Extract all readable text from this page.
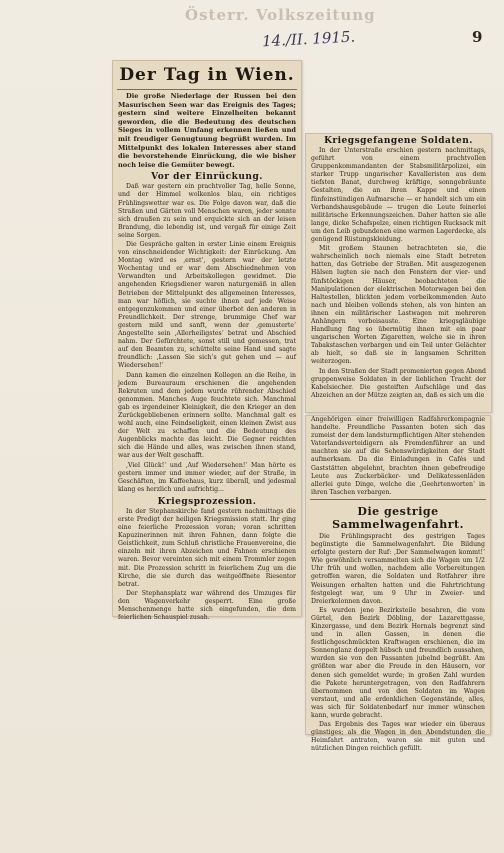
Österr. Volkszeitung
14./II. 1915.	9
Der Tag in Wien.

Die große Niederlage der Russen bei den Masurischen Seen war das Ereignis des Tages; gestern sind weitere Einzelheiten bekannt geworden, die die Bedeutung des deutschen Sieges in vollem Umfang erkennen ließen und mit freudiger Genugtuung begrüßt wurden. Im Mittelpunkt des lokalen Interesses aber stand die bevorstehende Einrückung, die wie bisher noch leise die Gemüter bewegt.

Vor der Einrückung.

Daß war gestern ein prachtvoller Tag, helle Sonne, und der Himmel wolkenlos blau, ein richtiges Frühlingswetter war es. Die Folge davon war, daß die Straßen und Gärten voll Menschen waren, jeder sonnte sich draußen zu sein und erquickte sich an der leisen Brandung, die lebendig ist, und vergaß für einige Zeit seine Sorgen.

Die Gespräche galten in erster Linie einem Ereignis von einschneidender Wichtigkeit: der Einrückung. Am Montag wird es ‚ernst‘, gestern war der letzte Wochentag und er war dem Abschiednehmen von Verwandten und Arbeitskollegen gewidmet. Die angehenden Kriegsdiener waren naturgemäß in allen Betrieben der Mittelpunkt des allgemeinen Interesses, man war höflich, sie suchte ihnen auf jede Weise entgegenzukommen und einer überbot den anderen in Freundlichkeit. Der strenge, brummige Chef war gestern mild und sanft, wenn der ‚gemusterte‘ Angestellte sein ‚Allerheiligstes‘ betrat und Abschied nahm. Der Gefürchtete, sonst still und gemessen, trat auf den Beamten zu, schüttelte seine Hand und sagte freundlich: ‚Lassen Sie sich‘s gut gehen und — auf Wiedersehen!‘

Dann kamen die einzelnen Kollegen an die Reihe, in jedem Bureauraum erschienen die angehenden Rekruten und dem jedem wurde rührender Abschied genommen. Manches Auge feuchtete sich. Manchmal gab es irgendeiner Kleinigkeit, die den Krieger an den Zurückgebliebenen erinnern sollte. Manchmal galt es wohl auch, eine Feindseligkeit, einen kleinen Zwist aus der Welt zu schaffen und die Bedeutung des Augenblicks machte das leicht. Die Gegner reichten sich die Hände und alles, was zwischen ihnen stand, war aus der Welt geschafft.

‚Viel Glück!‘ und ‚Auf Wiedersehen!‘ Man hörte es gestern immer und immer wieder, auf der Straße, in Geschäften, im Kaffeehaus, kurz überall, und jedesmal klang es herzlich und aufrichtig...

Kriegsprozession.

In der Stephanskirche fand gestern nachmittags die erste Predigt der heiligen Kriegsmission statt. Ihr ging eine feierliche Prozession voran; voran schritten Kapuzinerinnen mit ihren Fahnen, dann folgte die Geistlichkeit, zum Schluß christliche Frauenvereine, die einzeln mit ihren Abzeichen und Fahnen erschienen waren. Bevor vereinten sich mit einem Trommler zogen mit. Die Prozession schritt in feierlichem Zug um die Kirche, die sie durch das weitgeöffnete Riesentor betrat.

Der Stephansplatz war während des Umzuges für den Wagenverkehr gesperrt. Eine große Menschenmenge hatte sich eingefunden, die dem feierlichen Schauspiel zusah.

Kriegsgefangene Soldaten.

In der Unterstraße erschien gestern nachmittags, geführt von einem prachtvollen Gruppenkommandanten der Stabsmilitärpolizei, ein starker Trupp ungarischer Kavalleristen aus dem tiefsten Banat, durchweg kräftige, sonngebräunte Gestalten, die an ihren Kappe und einen fünfeinstündigen Aufmarsche — er handelt sich um ein Verbandshausgebäude — trugen die Leute feinerlei militärische Erkennungszeichen. Daher hatten sie alle lange, dicke Schafspelze, einen richtigen Rucksack mit um den Leib gebundenen eine warmen Lagerdecke, als genügend Rüstungskleidung.

Mit großem Staunen betrachteten sie, die wahrscheinlich noch niemals eine Stadt betreten hatten, das Getriebe der Straßen. Mit ausgezogenen Hälsen lugten sie nach den Fenstern der vier- und fünfstöckigen Häuser, beobachteten die Manipulationen der elektrischen Motorwagen bei den Haltestellen, blickten jedem vorbeikommenden Auto nach und bleiben vollends stehen, als von hinten an ihnen ein militärischer Lastwagen mit mehreren Anhängern vorbeisauste. Eine kriegsgläubige Handlung fing so übermütig ihnen mit ein paar ungarischen Worten Zigaretten, welche sie in ihren Tabakstaschen verbargen und ein Teil unter Gelächter ab hielt, so daß sie in langsamen Schritten weiterzogen.

In den Straßen der Stadt promenierten gegen Abend gruppenweise Soldaten in der lieblichen Tracht der Kabelsiecher. Die gesteiften Aufschläge und das Abzeichen an der Mütze zeigten an, daß es sich um die

Angehörigen einer freiwilligen Radfahrerkompagnie handelte. Freundliche Passanten boten sich das zumeist der dem landsturmpflichtigen Alter stehenden Vaterlandsverteidigern als Fremdenführer an und machten sie auf die Sehenswürdigkeiten der Stadt aufmerksam. Da die Einladungen in Cafés und Gaststätten abgelehnt, brachten ihnen gebefreudige Leute aus Zuckerbäcker- und Delikatessenläden allerlei gute Dinge, welche die ‚Geehrtenworten‘ in ihren Taschen verbargen.

Die gestrige Sammelwagenfahrt.

Die Frühlingspracht des gestrigen Tages begünstigte die Sammelwagenfahrt. Die Bildung erfolgte gestern der Ruf: ‚Der Sammelwagen kommt!‘ Wie gewöhnlich versammelten sich die Wagen um 1/2 Uhr früh und wollen, nachdem alle Vorbereitungen getroffen waren, die Soldaten und Rotfahrer ihre Weisungen erhalten hatten und die Fahrtrichtung festgelegt war, um 9 Uhr in Zweier- und Dreierkolonnen davon.

Es wurden jene Bezirksteile besahren, die vom Gürtel, den Bezirk Döbling, der Lazarettgasse, Kinzergasse, und dem Bezirk Hernals begrenzt sind und in allen Gassen, in denen die festlichgeschmückten Kraftwagen erschienen, die im Sonnenglanz doppelt hübsch und freundlich aussahen, wurden sie von den Passanten jubelnd begrüßt. Am größten war aber die Freude in den Häusern, vor denen sich gemeldet wurde; in großen Zahl wurden die Pakete heruntergetragen, von den Radfahrern übernommen und von den Soldaten im Wagen verstaut, und alle erdenklichen Gegenstände, alles, was sich für Soldatenbedarf nur immer wünschen kann, wurde gebracht.

Das Ergebnis des Tages war wieder ein überaus günstiges; als die Wagen in den Abendstunden die Heimfahrt antraten, waren sie mit guten und nützlichen Dingen reichlich gefüllt.
